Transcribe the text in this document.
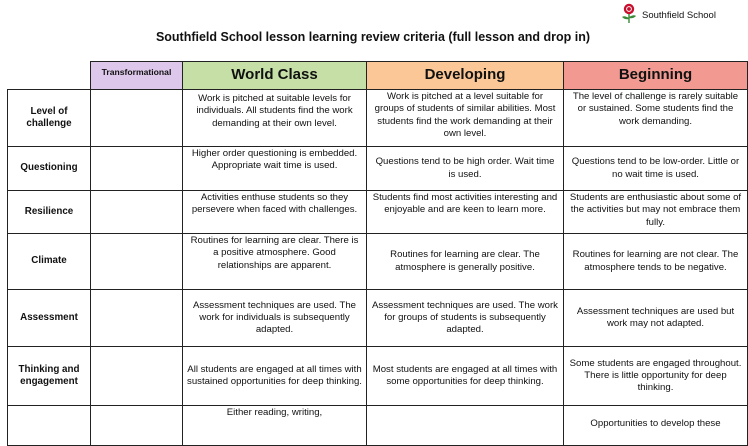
Southfield School
Southfield School lesson learning review criteria (full lesson and drop in)
	Transformational	World Class	Developing	Beginning
Level of challenge		Work is pitched at suitable levels for individuals. All students find the work demanding at their own level.	Work is pitched at a level suitable for groups of students of similar abilities. Most students find the work demanding at their own level.	The level of challenge is rarely suitable or sustained. Some students find the work demanding.
Questioning		Higher order questioning is embedded. Appropriate wait time is used.	Questions tend to be high order. Wait time is used.	Questions tend to be low-order. Little or no wait time is used.
Resilience		Activities enthuse students so they persevere when faced with challenges.	Students find most activities interesting and enjoyable and are keen to learn more.	Students are enthusiastic about some of the activities but may not embrace them fully.
Climate		Routines for learning are clear. There is a positive atmosphere. Good relationships are apparent.	Routines for learning are clear. The atmosphere is generally positive.	Routines for learning are not clear. The atmosphere tends to be negative.
Assessment		Assessment techniques are used. The work for individuals is subsequently adapted.	Assessment techniques are used. The work for groups of students is subsequently adapted.	Assessment techniques are used but work may not adapted.
Thinking and engagement		All students are engaged at all times with sustained opportunities for deep thinking.	Most students are engaged at all times with some opportunities for deep thinking.	Some students are engaged throughout. There is little opportunity for deep thinking.
		Either reading, writing,		Opportunities to develop these
